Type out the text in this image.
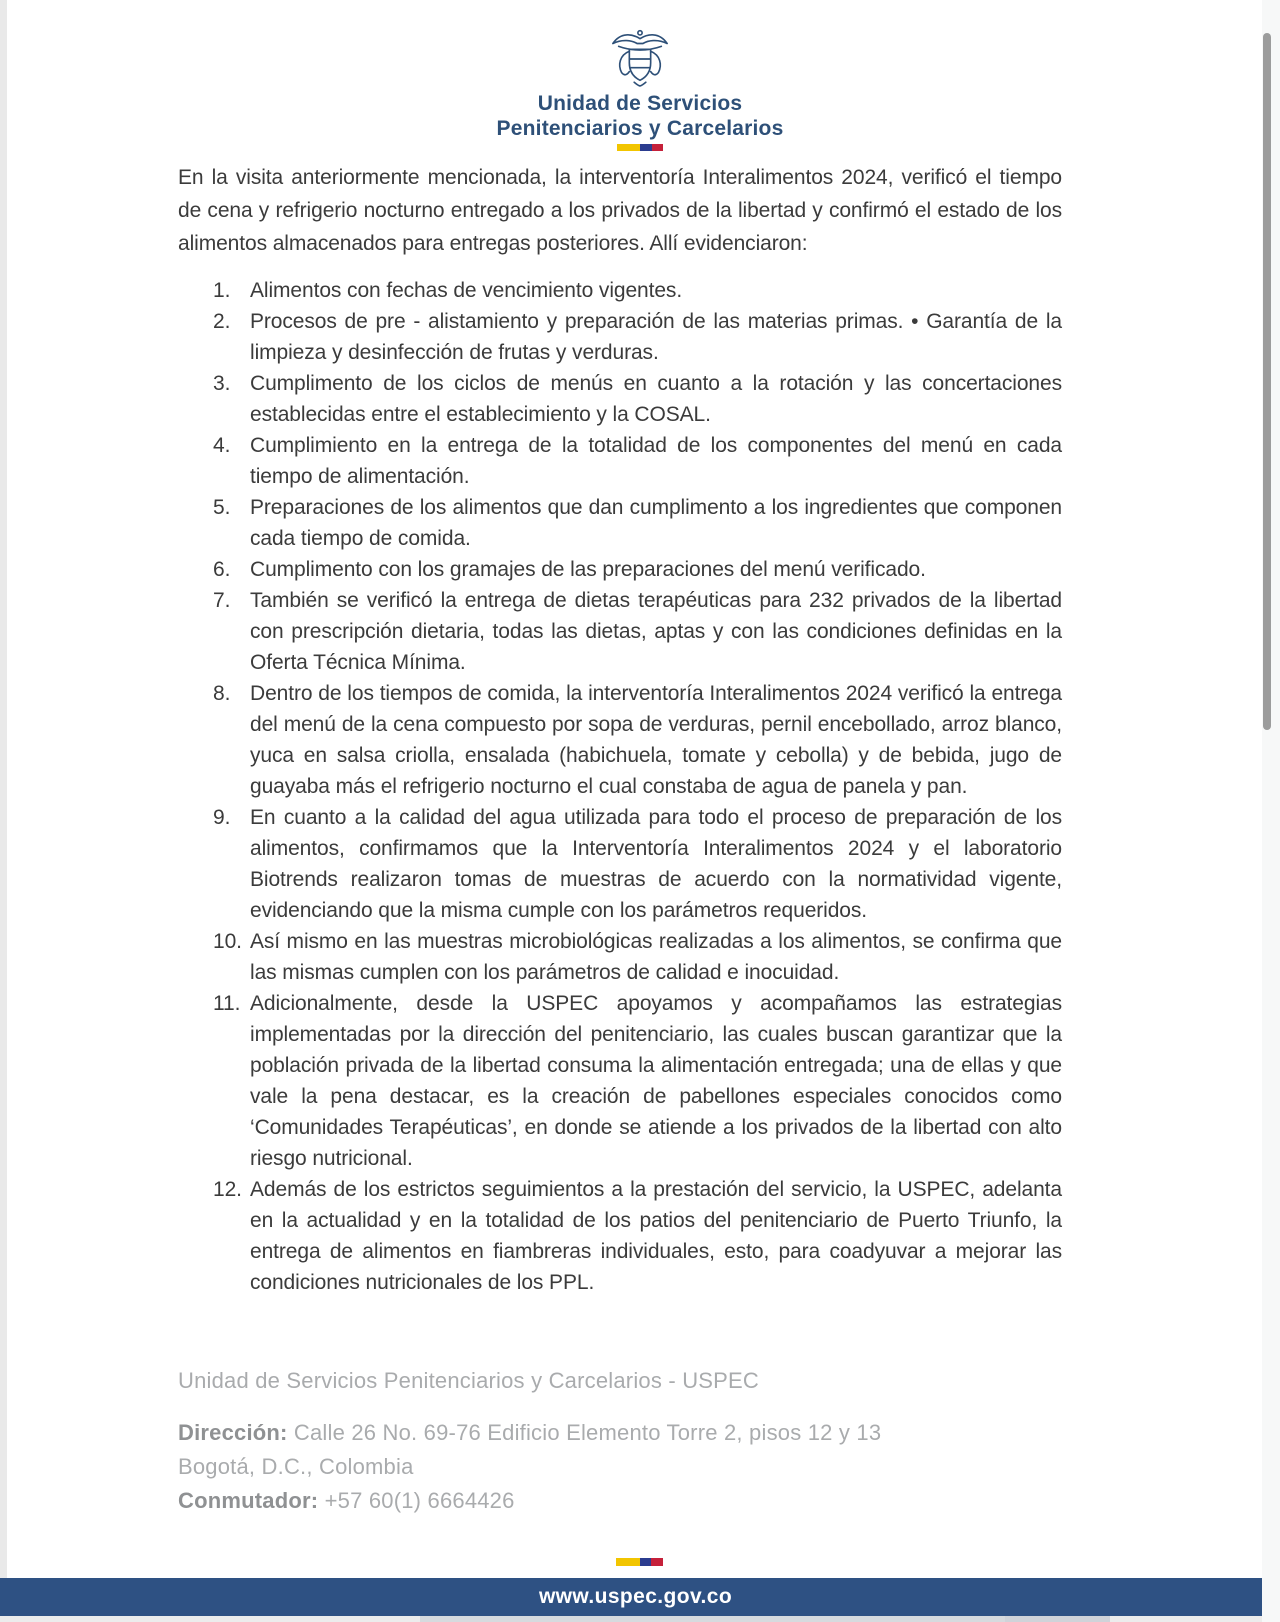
Unidad de Servicios
Penitenciarios y Carcelarios

En la visita anteriormente mencionada, la interventoría Interalimentos 2024, verificó el tiempo de cena y refrigerio nocturno entregado a los privados de la libertad y confirmó el estado de los alimentos almacenados para entregas posteriores. Allí evidenciaron:

1. Alimentos con fechas de vencimiento vigentes.
2. Procesos de pre - alistamiento y preparación de las materias primas. • Garantía de la limpieza y desinfección de frutas y verduras.
3. Cumplimento de los ciclos de menús en cuanto a la rotación y las concertaciones establecidas entre el establecimiento y la COSAL.
4. Cumplimiento en la entrega de la totalidad de los componentes del menú en cada tiempo de alimentación.
5. Preparaciones de los alimentos que dan cumplimento a los ingredientes que componen cada tiempo de comida.
6. Cumplimento con los gramajes de las preparaciones del menú verificado.
7. También se verificó la entrega de dietas terapéuticas para 232 privados de la libertad con prescripción dietaria, todas las dietas, aptas y con las condiciones definidas en la Oferta Técnica Mínima.
8. Dentro de los tiempos de comida, la interventoría Interalimentos 2024 verificó la entrega del menú de la cena compuesto por sopa de verduras, pernil encebollado, arroz blanco, yuca en salsa criolla, ensalada (habichuela, tomate y cebolla) y de bebida, jugo de guayaba más el refrigerio nocturno el cual constaba de agua de panela y pan.
9. En cuanto a la calidad del agua utilizada para todo el proceso de preparación de los alimentos, confirmamos que la Interventoría Interalimentos 2024 y el laboratorio Biotrends realizaron tomas de muestras de acuerdo con la normatividad vigente, evidenciando que la misma cumple con los parámetros requeridos.
10. Así mismo en las muestras microbiológicas realizadas a los alimentos, se confirma que las mismas cumplen con los parámetros de calidad e inocuidad.
11. Adicionalmente, desde la USPEC apoyamos y acompañamos las estrategias implementadas por la dirección del penitenciario, las cuales buscan garantizar que la población privada de la libertad consuma la alimentación entregada; una de ellas y que vale la pena destacar, es la creación de pabellones especiales conocidos como ‘Comunidades Terapéuticas’, en donde se atiende a los privados de la libertad con alto riesgo nutricional.
12. Además de los estrictos seguimientos a la prestación del servicio, la USPEC, adelanta en la actualidad y en la totalidad de los patios del penitenciario de Puerto Triunfo, la entrega de alimentos en fiambreras individuales, esto, para coadyuvar a mejorar las condiciones nutricionales de los PPL.
Unidad de Servicios Penitenciarios y Carcelarios - USPEC
Dirección: Calle 26 No. 69-76 Edificio Elemento Torre 2, pisos 12 y 13
Bogotá, D.C., Colombia
Conmutador: +57 60(1) 6664426
www.uspec.gov.co
